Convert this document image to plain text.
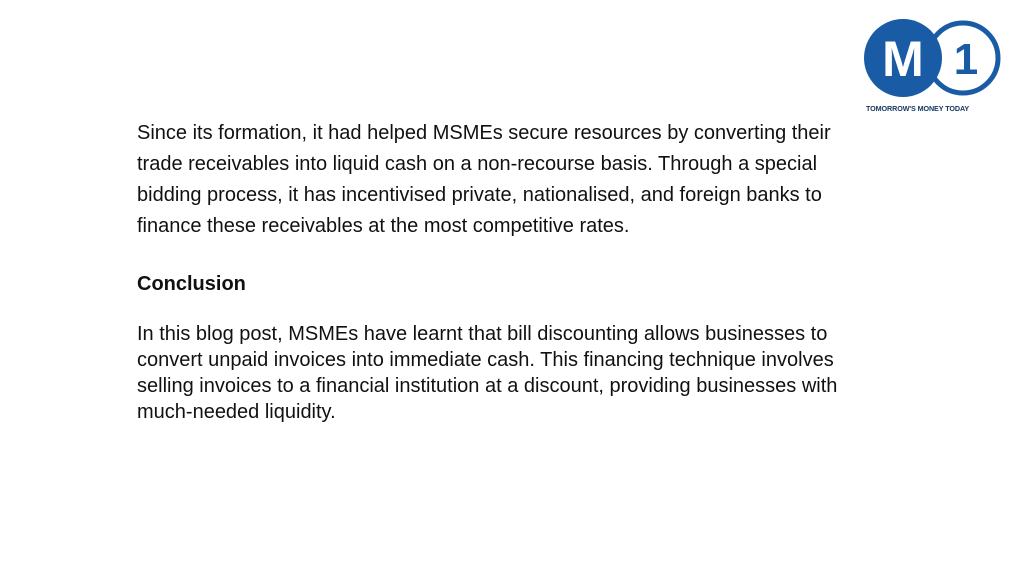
M 1
TOMORROW'S MONEY TODAY

Since its formation, it had helped MSMEs secure resources by converting their trade receivables into liquid cash on a non-recourse basis. Through a special bidding process, it has incentivised private, nationalised, and foreign banks to finance these receivables at the most competitive rates.

Conclusion

In this blog post, MSMEs have learnt that bill discounting allows businesses to convert unpaid invoices into immediate cash. This financing technique involves selling invoices to a financial institution at a discount, providing businesses with much-needed liquidity.
